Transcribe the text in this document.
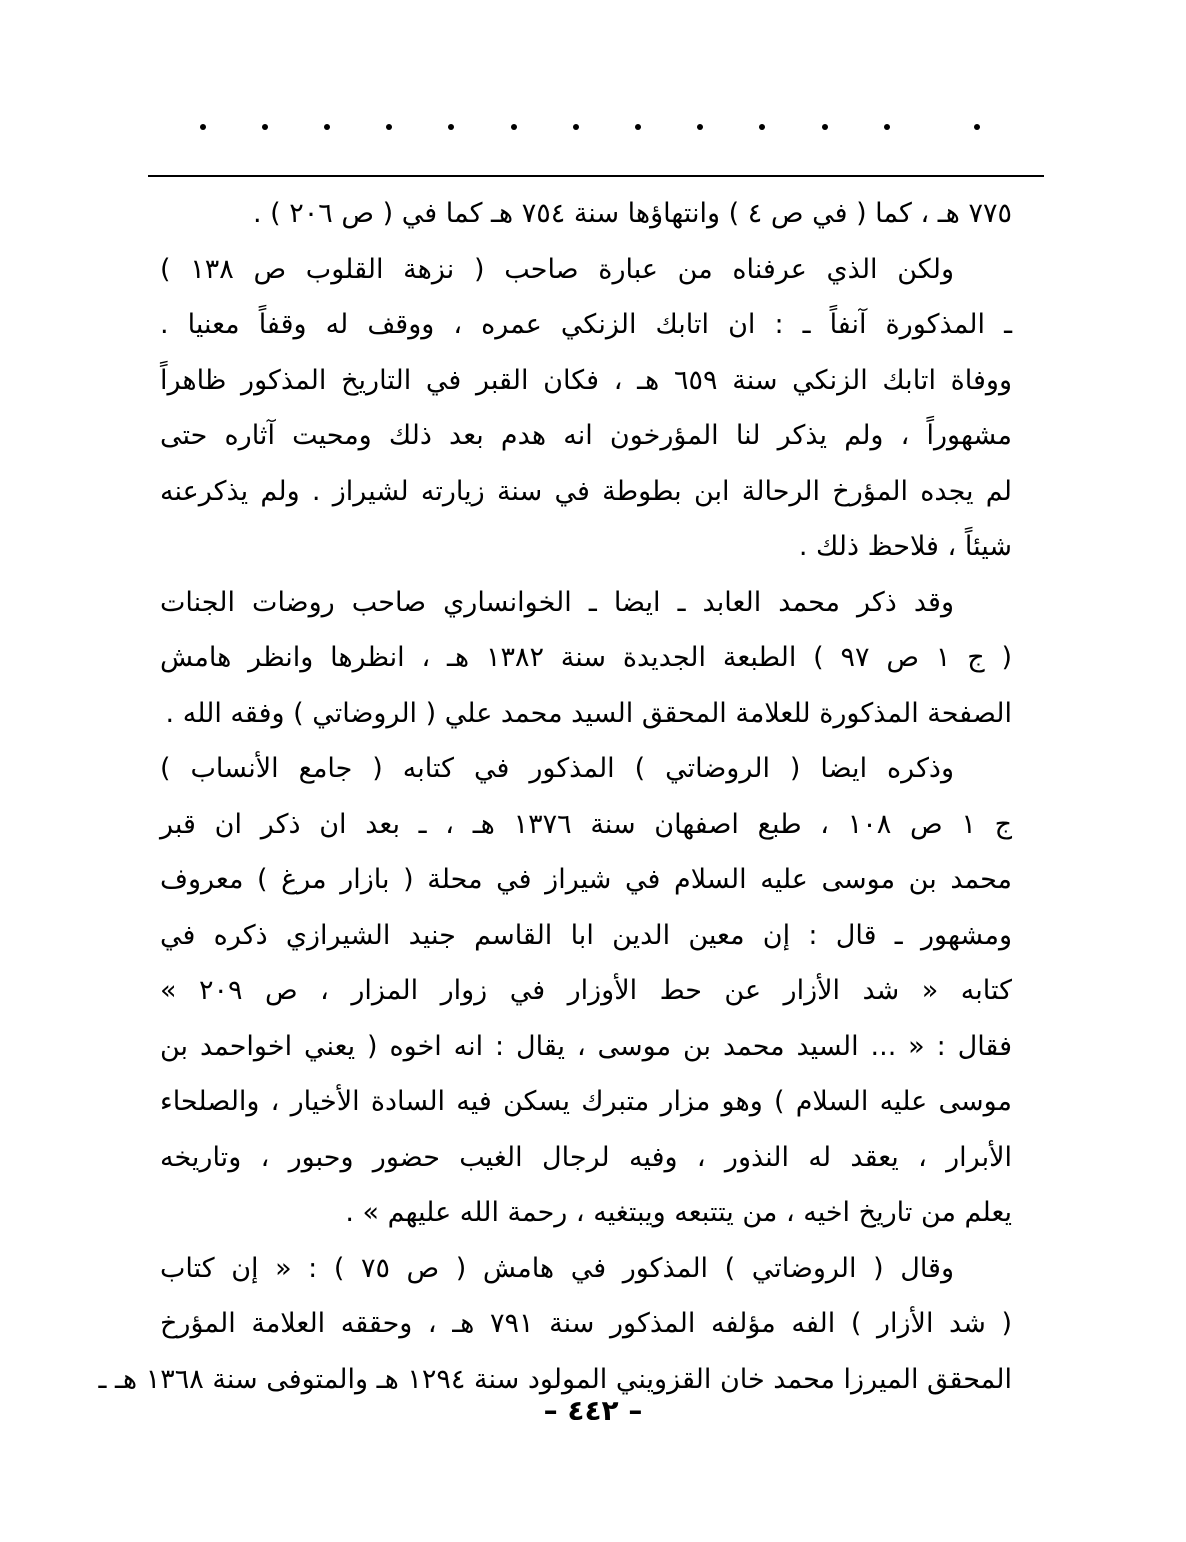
٧٧٥ هـ ، كما ( في ص ٤ ) وانتهاؤها سنة ٧٥٤ هـ كما في ( ص ٢٠٦ ) .
ولكن الذي عرفناه من عبارة صاحب ( نزهة القلوب ص ١٣٨ )
ـ المذكورة آنفاً ـ : ان اتابك الزنكي عمره ، ووقف له وقفاً معنيا .
ووفاة اتابك الزنكي سنة ٦٥٩ هـ ، فكان القبر في التاريخ المذكور ظاهراً
مشهوراً ، ولم يذكر لنا المؤرخون انه هدم بعد ذلك ومحيت آثاره حتى
لم يجده المؤرخ الرحالة ابن بطوطة في سنة زيارته لشيراز . ولم يذكرعنه
شيئاً ، فلاحظ ذلك .
وقد ذكر محمد العابد ـ ايضا ـ الخوانساري صاحب روضات الجنات
( ج ١ ص ٩٧ ) الطبعة الجديدة سنة ١٣٨٢ هـ ، انظرها وانظر هامش
الصفحة المذكورة للعلامة المحقق السيد محمد علي ( الروضاتي ) وفقه الله .
وذكره ايضا ( الروضاتي ) المذكور في كتابه ( جامع الأنساب )
ج ١ ص ١٠٨ ، طبع اصفهان سنة ١٣٧٦ هـ ، ـ بعد ان ذكر ان قبر
محمد بن موسى عليه السلام في شيراز في محلة ( بازار مرغ ) معروف
ومشهور ـ قال : إن معين الدين ابا القاسم جنيد الشيرازي ذكره في
كتابه « شد الأزار عن حط الأوزار في زوار المزار ، ص ٢٠٩ »
فقال : « ... السيد محمد بن موسى ، يقال : انه اخوه ( يعني اخواحمد بن
موسى عليه السلام ) وهو مزار متبرك يسكن فيه السادة الأخيار ، والصلحاء
الأبرار ، يعقد له النذور ، وفيه لرجال الغيب حضور وحبور ، وتاريخه
يعلم من تاريخ اخيه ، من يتتبعه ويبتغيه ، رحمة الله عليهم » .
وقال ( الروضاتي ) المذكور في هامش ( ص ٧٥ ) : « إن كتاب
( شد الأزار ) الفه مؤلفه المذكور سنة ٧٩١ هـ ، وحققه العلامة المؤرخ
المحقق الميرزا محمد خان القزويني المولود سنة ١٢٩٤ هـ والمتوفى سنة ١٣٦٨ هـ ـ
– ٤٤٢ –
